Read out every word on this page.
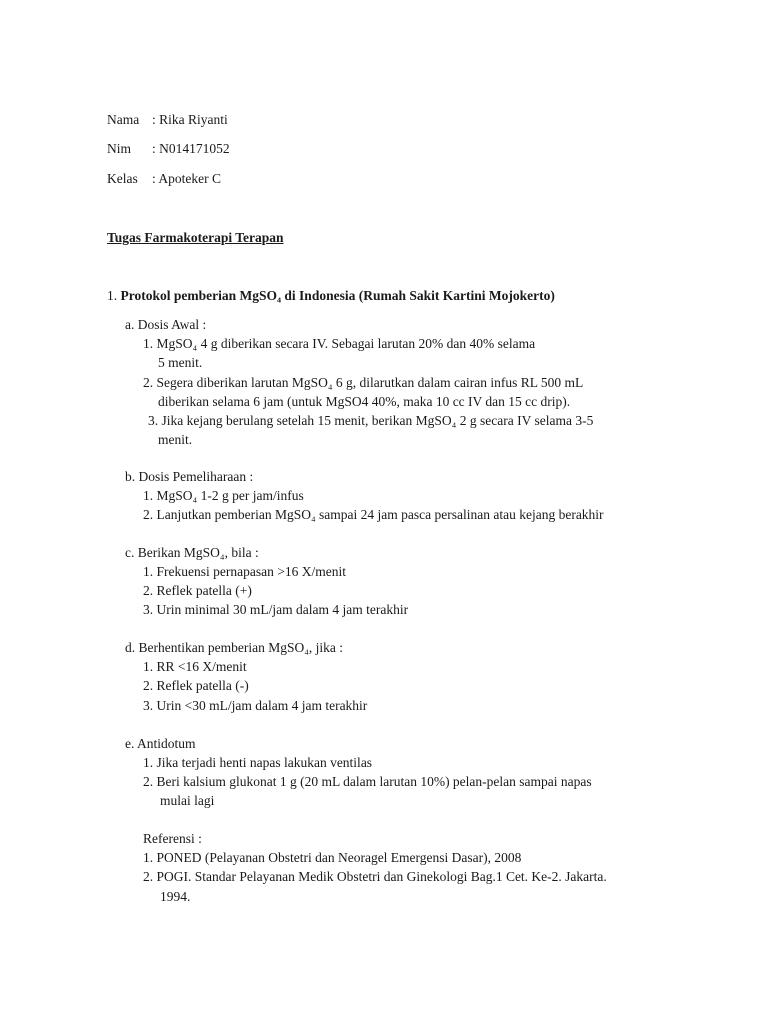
Nama : Rika Riyanti
Nim : N014171052
Kelas : Apoteker C
Tugas Farmakoterapi Terapan
1. Protokol pemberian MgSO₄ di Indonesia (Rumah Sakit Kartini Mojokerto)
a. Dosis Awal :
1. MgSO₄ 4 g diberikan secara IV. Sebagai larutan 20% dan 40% selama
5 menit.
2. Segera diberikan larutan MgSO₄ 6 g, dilarutkan dalam cairan infus RL 500 mL
diberikan selama 6 jam (untuk MgSO4 40%, maka 10 cc IV dan 15 cc drip).
3. Jika kejang berulang setelah 15 menit, berikan MgSO₄ 2 g secara IV selama 3-5
menit.
b. Dosis Pemeliharaan :
1. MgSO₄ 1-2 g per jam/infus
2. Lanjutkan pemberian MgSO₄ sampai 24 jam pasca persalinan atau kejang berakhir
c. Berikan MgSO₄, bila :
1. Frekuensi pernapasan >16 X/menit
2. Reflek patella (+)
3. Urin minimal 30 mL/jam dalam 4 jam terakhir
d. Berhentikan pemberian MgSO₄, jika :
1. RR <16 X/menit
2. Reflek patella (-)
3. Urin <30 mL/jam dalam 4 jam terakhir
e. Antidotum
1. Jika terjadi henti napas lakukan ventilas
2. Beri kalsium glukonat 1 g (20 mL dalam larutan 10%) pelan-pelan sampai napas
mulai lagi
Referensi :
1. PONED (Pelayanan Obstetri dan Neoragel Emergensi Dasar), 2008
2. POGI. Standar Pelayanan Medik Obstetri dan Ginekologi Bag.1 Cet. Ke-2. Jakarta.
1994.
